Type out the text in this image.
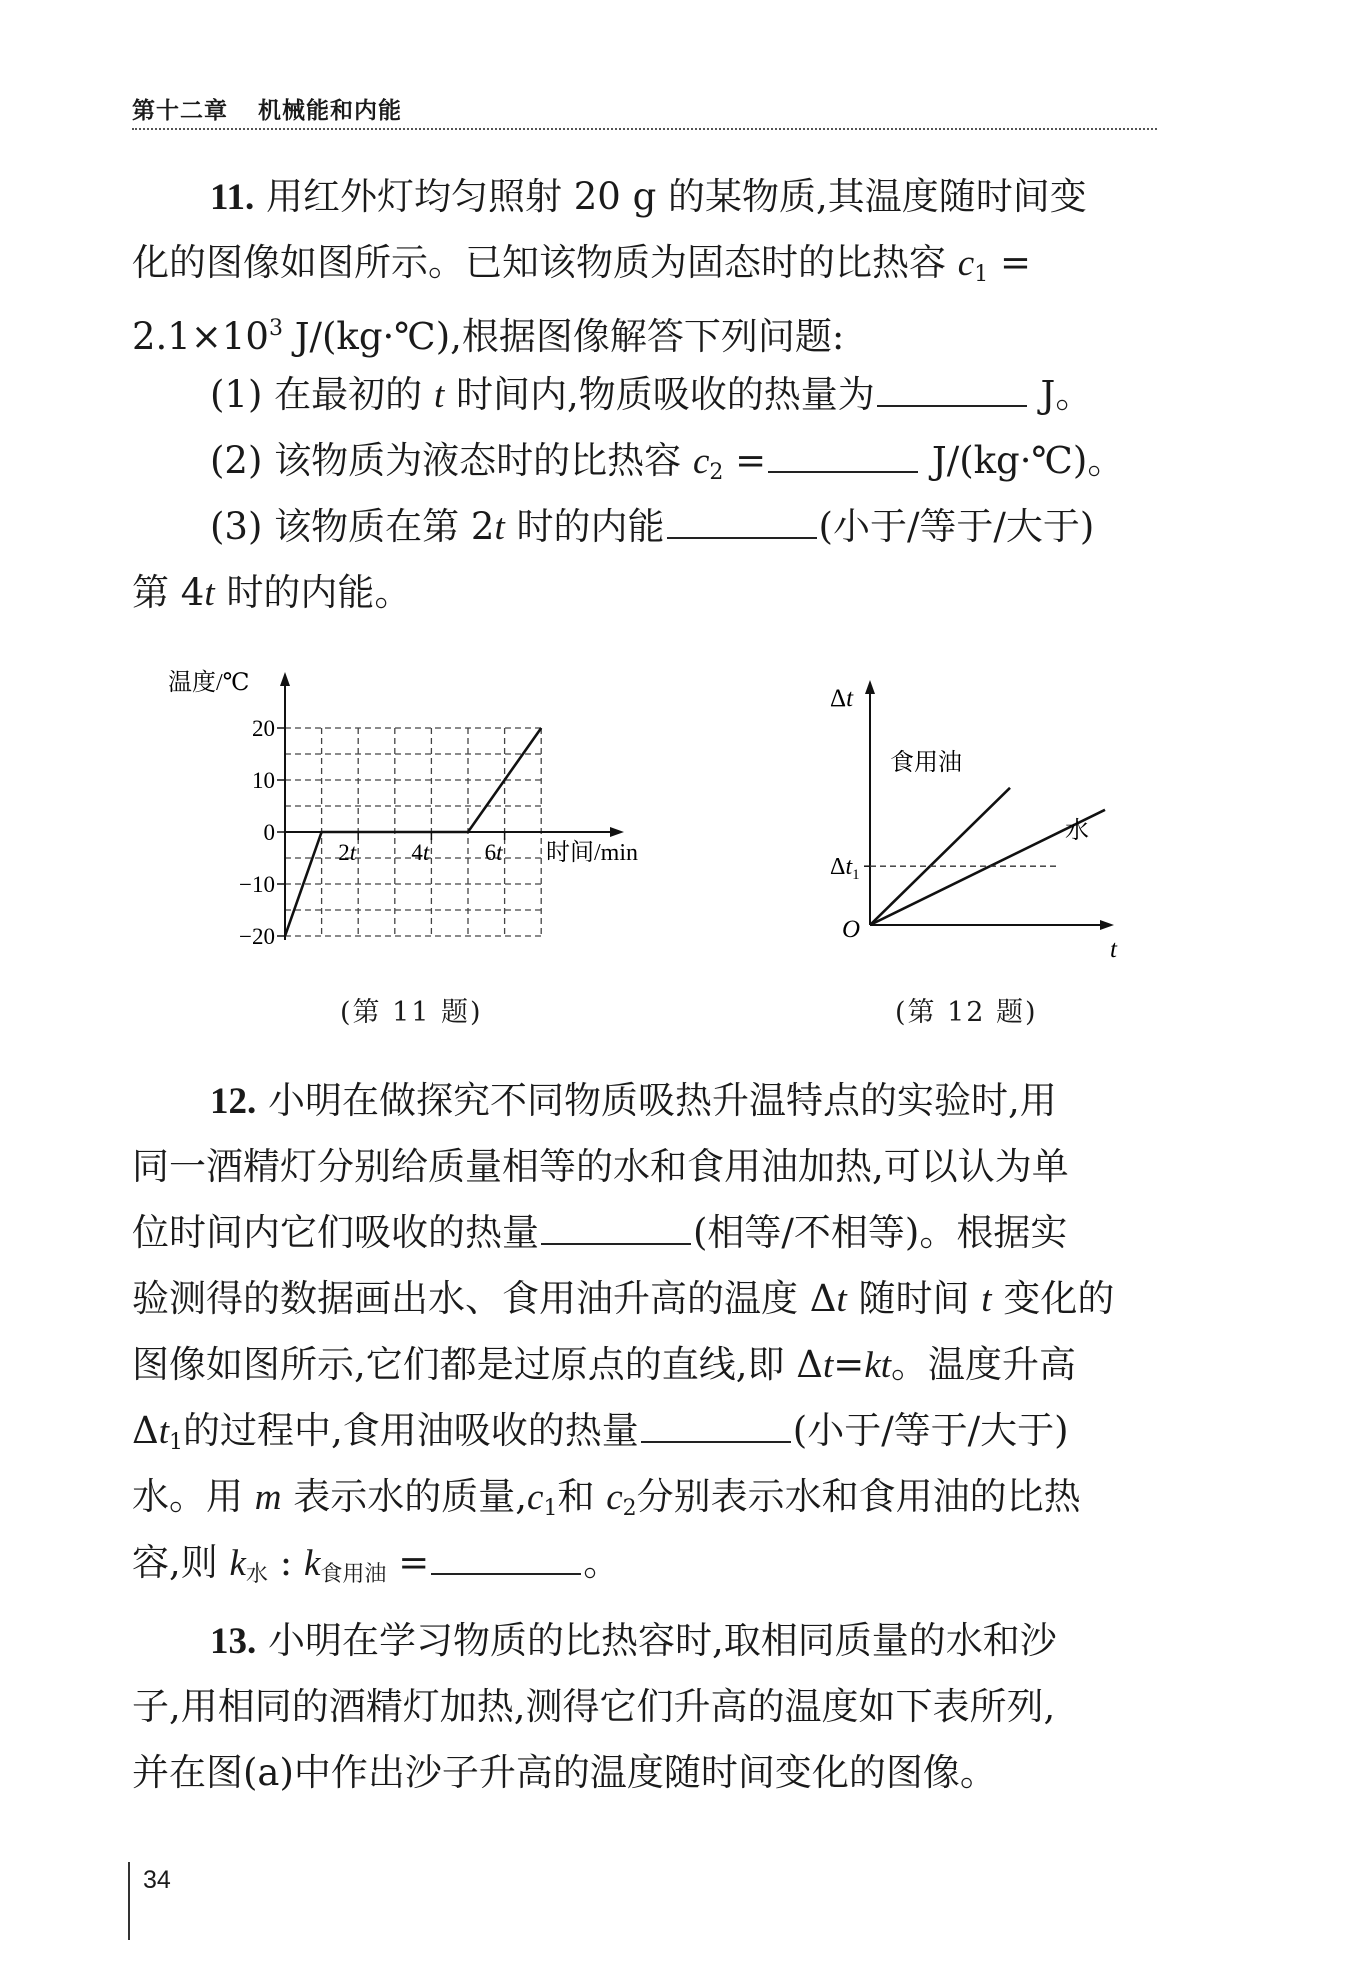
第十二章 机械能和内能
11. 用红外灯均匀照射 20 g 的某物质,其温度随时间变
化的图像如图所示。已知该物质为固态时的比热容 $c_1$ =
$2.1\times 10^3$ J/(kg·℃),根据图像解答下列问题:
(1) 在最初的 t 时间内,物质吸收的热量为	J。
(2) 该物质为液态时的比热容 $c_2$ =	J/(kg·℃)。
(3) 该物质在第 2t 时的内能	(小于/等于/大于)
第 4t 时的内能。
20
10
0
−10
−20
2t 4t 6t
温度/℃
时间/min
(第 11 题)
Δt
t
O
$\Delta t_1$
食用油
水
(第 12 题)
12. 小明在做探究不同物质吸热升温特点的实验时,用
同一酒精灯分别给质量相等的水和食用油加热,可以认为单
位时间内它们吸收的热量	(相等/不相等)。根据实
验测得的数据画出水、食用油升高的温度 Δt 随时间 t 变化的
图像如图所示,它们都是过原点的直线,即 Δt=kt。温度升高
$\Delta t_1$的过程中,食用油吸收的热量	(小于/等于/大于)
水。用 m 表示水的质量$,c_1$和 $c_2$分别表示水和食用油的比热
容,则 $k_水$ : $k_{食用油}$ =	。
13. 小明在学习物质的比热容时,取相同质量的水和沙
子,用相同的酒精灯加热,测得它们升高的温度如下表所列,
并在图(a)中作出沙子升高的温度随时间变化的图像。
34
